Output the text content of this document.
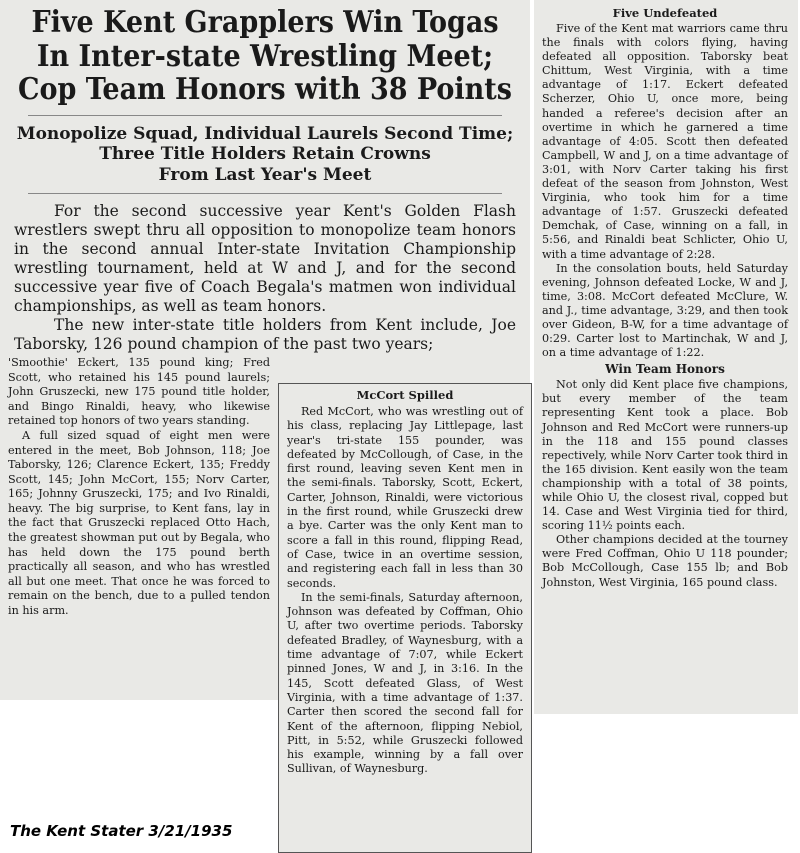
Five Kent Grapplers Win Togas

In Inter-state Wrestling Meet;

Cop Team Honors with 38 Points

Monopolize Squad, Individual Laurels Second Time;

Three Title Holders Retain Crowns

From Last Year's Meet

For the second successive year Kent's Golden Flash wrestlers swept thru all opposition to monopolize team honors in the second annual Inter-state Invitation Championship wrestling tournament, held at W and J, and for the second successive year five of Coach Begala's matmen won individual championships, as well as team honors.

The new inter-state title holders from Kent include, Joe Taborsky, 126 pound champion of the past two years;

'Smoothie' Eckert, 135 pound king; Fred Scott, who retained his 145 pound laurels; John Gruszecki, new 175 pound title holder, and Bingo Rinaldi, heavy, who likewise retained top honors of two years standing.

A full sized squad of eight men were entered in the meet, Bob Johnson, 118; Joe Taborsky, 126; Clarence Eckert, 135; Freddy Scott, 145; John McCort, 155; Norv Carter, 165; Johnny Gruszecki, 175; and Ivo Rinaldi, heavy. The big surprise, to Kent fans, lay in the fact that Gruszecki replaced Otto Hach, the greatest showman put out by Begala, who has held down the 175 pound berth practically all season, and who has wrestled all but one meet. That once he was forced to remain on the bench, due to a pulled tendon in his arm.

Five Undefeated

Five of the Kent mat warriors came thru the finals with colors flying, having defeated all opposition. Taborsky beat Chittum, West Virginia, with a time advantage of 1:17. Eckert defeated Scherzer, Ohio U, once more, being handed a referee's decision after an overtime in which he garnered a time advantage of 4:05. Scott then defeated Campbell, W and J, on a time advantage of 3:01, with Norv Carter taking his first defeat of the season from Johnston, West Virginia, who took him for a time advantage of 1:57. Gruszecki defeated Demchak, of Case, winning on a fall, in 5:56, and Rinaldi beat Schlicter, Ohio U, with a time advantage of 2:28.

In the consolation bouts, held Saturday evening, Johnson defeated Locke, W and J, time, 3:08. McCort defeated McClure, W. and J., time advantage, 3:29, and then took over Gideon, B-W, for a time advantage of 0:29. Carter lost to Martinchak, W and J, on a time advantage of 1:22.

Win Team Honors

Not only did Kent place five champions, but every member of the team representing Kent took a place. Bob Johnson and Red McCort were runners-up in the 118 and 155 pound classes repectively, while Norv Carter took third in the 165 division. Kent easily won the team championship with a total of 38 points, while Ohio U, the closest rival, copped but 14. Case and West Virginia tied for third, scoring 11½ points each.

Other champions decided at the tourney were Fred Coffman, Ohio U 118 pounder; Bob McCollough, Case 155 lb; and Bob Johnston, West Virginia, 165 pound class.

McCort Spilled

Red McCort, who was wrestling out of his class, replacing Jay Littlepage, last year's tri-state 155 pounder, was defeated by McCollough, of Case, in the first round, leaving seven Kent men in the semi-finals. Taborsky, Scott, Eckert, Carter, Johnson, Rinaldi, were victorious in the first round, while Gruszecki drew a bye. Carter was the only Kent man to score a fall in this round, flipping Read, of Case, twice in an overtime session, and registering each fall in less than 30 seconds.

In the semi-finals, Saturday afternoon, Johnson was defeated by Coffman, Ohio U, after two overtime periods. Taborsky defeated Bradley, of Waynesburg, with a time advantage of 7:07, while Eckert pinned Jones, W and J, in 3:16. In the 145, Scott defeated Glass, of West Virginia, with a time advantage of 1:37. Carter then scored the second fall for Kent of the afternoon, flipping Nebiol, Pitt, in 5:52, while Gruszecki followed his example, winning by a fall over Sullivan, of Waynesburg.

The Kent Stater 3/21/1935
